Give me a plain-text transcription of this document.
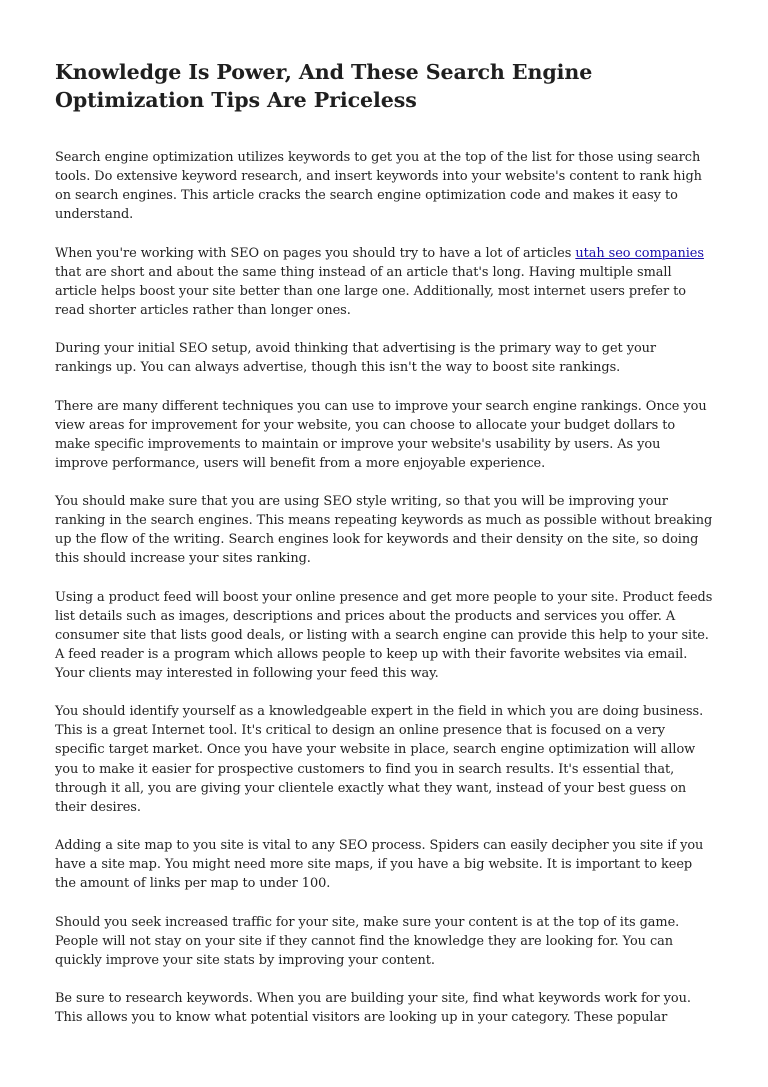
Knowledge Is Power, And These Search Engine Optimization Tips Are Priceless

Search engine optimization utilizes keywords to get you at the top of the list for those using search tools. Do extensive keyword research, and insert keywords into your website's content to rank high on search engines. This article cracks the search engine optimization code and makes it easy to understand.

When you're working with SEO on pages you should try to have a lot of articles utah seo companies that are short and about the same thing instead of an article that's long. Having multiple small article helps boost your site better than one large one. Additionally, most internet users prefer to read shorter articles rather than longer ones.

During your initial SEO setup, avoid thinking that advertising is the primary way to get your rankings up. You can always advertise, though this isn't the way to boost site rankings.

There are many different techniques you can use to improve your search engine rankings. Once you view areas for improvement for your website, you can choose to allocate your budget dollars to make specific improvements to maintain or improve your website's usability by users. As you improve performance, users will benefit from a more enjoyable experience.

You should make sure that you are using SEO style writing, so that you will be improving your ranking in the search engines. This means repeating keywords as much as possible without breaking up the flow of the writing. Search engines look for keywords and their density on the site, so doing this should increase your sites ranking.

Using a product feed will boost your online presence and get more people to your site. Product feeds list details such as images, descriptions and prices about the products and services you offer. A consumer site that lists good deals, or listing with a search engine can provide this help to your site. A feed reader is a program which allows people to keep up with their favorite websites via email. Your clients may interested in following your feed this way.

You should identify yourself as a knowledgeable expert in the field in which you are doing business. This is a great Internet tool. It's critical to design an online presence that is focused on a very specific target market. Once you have your website in place, search engine optimization will allow you to make it easier for prospective customers to find you in search results. It's essential that, through it all, you are giving your clientele exactly what they want, instead of your best guess on their desires.

Adding a site map to you site is vital to any SEO process. Spiders can easily decipher you site if you have a site map. You might need more site maps, if you have a big website. It is important to keep the amount of links per map to under 100.

Should you seek increased traffic for your site, make sure your content is at the top of its game. People will not stay on your site if they cannot find the knowledge they are looking for. You can quickly improve your site stats by improving your content.

Be sure to research keywords. When you are building your site, find what keywords work for you. This allows you to know what potential visitors are looking up in your category. These popular
